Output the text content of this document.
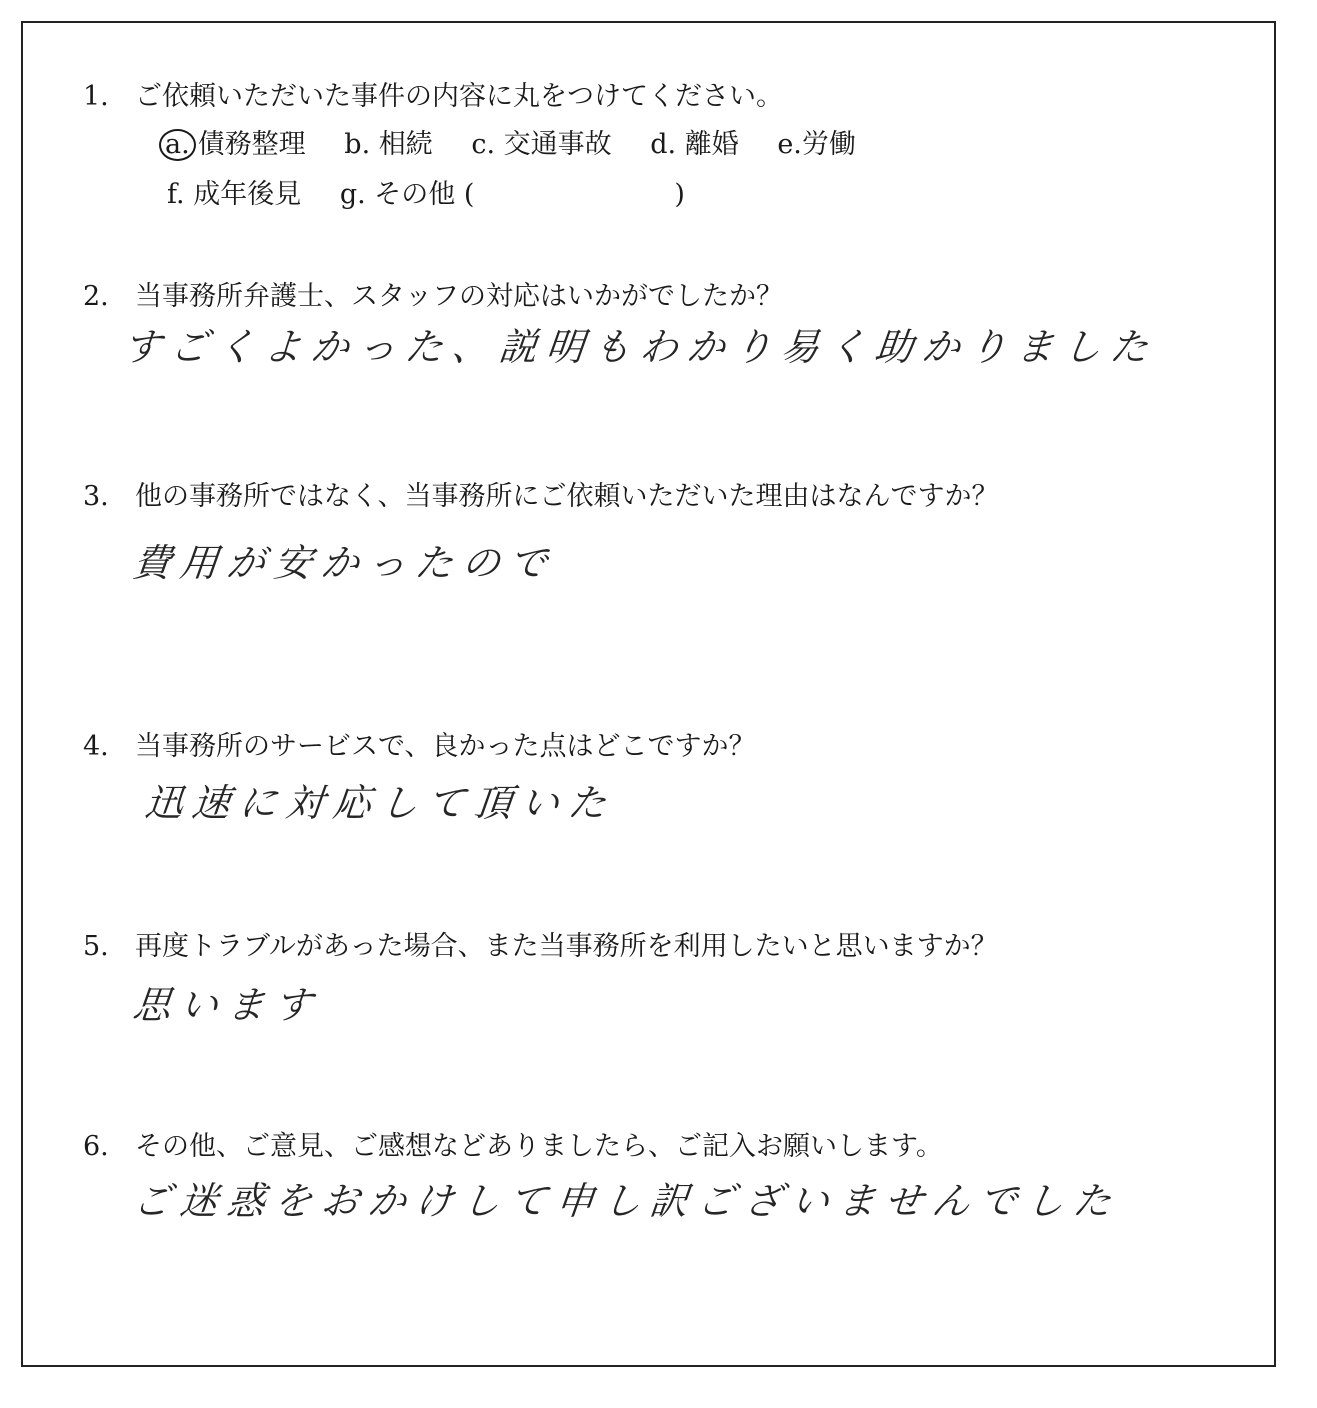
1. ご依頼いただいた事件の内容に丸をつけてください。
a. 債務整理 b. 相続 c. 交通事故 d. 離婚 e.労働
f. 成年後見 g. その他 (	)
2. 当事務所弁護士、スタッフの対応はいかがでしたか？
すごくよかった、説明もわかり易く助かりました
3. 他の事務所ではなく、当事務所にご依頼いただいた理由はなんですか？
費用が安かったので
4. 当事務所のサービスで、良かった点はどこですか？
迅速に対応して頂いた
5. 再度トラブルがあった場合、また当事務所を利用したいと思いますか？
思います
6. その他、ご意見、ご感想などありましたら、ご記入お願いします。
ご迷惑をおかけして申し訳ございませんでした
